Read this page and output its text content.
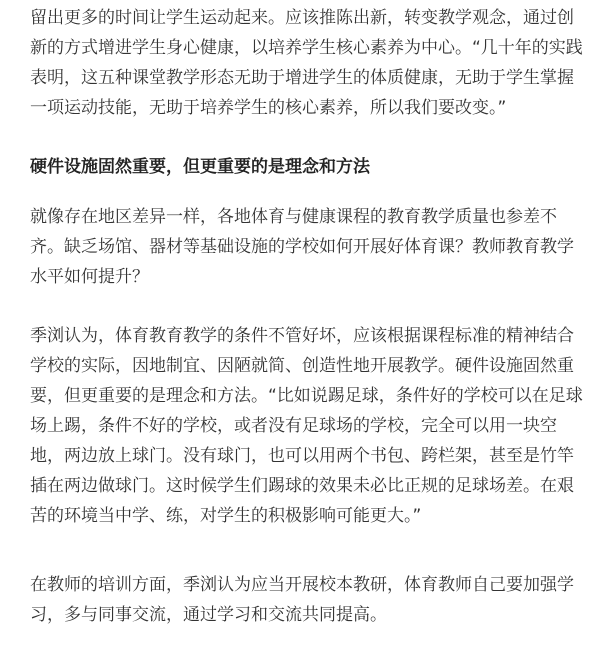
留出更多的时间让学生运动起来。应该推陈出新，转变教学观念，通过创
新的方式增进学生身心健康，以培养学生核心素养为中心。“几十年的实践
表明，这五种课堂教学形态无助于增进学生的体质健康，无助于学生掌握
一项运动技能，无助于培养学生的核心素养，所以我们要改变。”
硬件设施固然重要，但更重要的是理念和方法
就像存在地区差异一样，各地体育与健康课程的教育教学质量也参差不
齐。缺乏场馆、器材等基础设施的学校如何开展好体育课？教师教育教学
水平如何提升？
季浏认为，体育教育教学的条件不管好坏，应该根据课程标准的精神结合
学校的实际，因地制宜、因陋就简、创造性地开展教学。硬件设施固然重
要，但更重要的是理念和方法。“比如说踢足球，条件好的学校可以在足球
场上踢，条件不好的学校，或者没有足球场的学校，完全可以用一块空
地，两边放上球门。没有球门，也可以用两个书包、跨栏架，甚至是竹竿
插在两边做球门。这时候学生们踢球的效果未必比正规的足球场差。在艰
苦的环境当中学、练，对学生的积极影响可能更大。”
在教师的培训方面，季浏认为应当开展校本教研，体育教师自己要加强学
习，多与同事交流，通过学习和交流共同提高。
